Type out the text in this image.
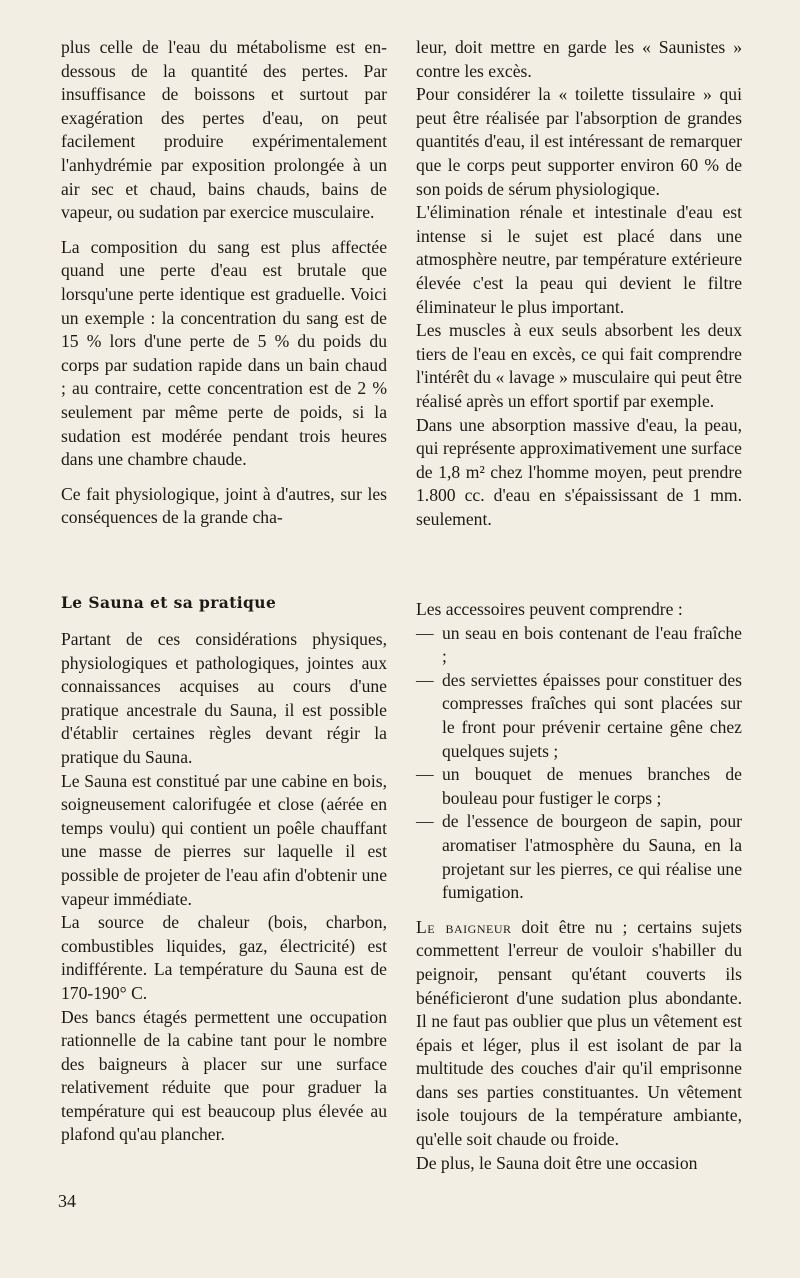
plus celle de l'eau du métabolisme est en-dessous de la quantité des pertes. Par insuffisance de boissons et surtout par exagération des pertes d'eau, on peut facilement produire expérimentalement l'anhydrémie par exposition prolongée à un air sec et chaud, bains chauds, bains de vapeur, ou sudation par exercice musculaire.

La composition du sang est plus affectée quand une perte d'eau est brutale que lorsqu'une perte identique est graduelle. Voici un exemple : la concentration du sang est de 15 % lors d'une perte de 5 % du poids du corps par sudation rapide dans un bain chaud ; au contraire, cette concentration est de 2 % seulement par même perte de poids, si la sudation est modérée pendant trois heures dans une chambre chaude.

Ce fait physiologique, joint à d'autres, sur les conséquences de la grande cha-

leur, doit mettre en garde les « Saunistes » contre les excès.

Pour considérer la « toilette tissulaire » qui peut être réalisée par l'absorption de grandes quantités d'eau, il est intéressant de remarquer que le corps peut supporter environ 60 % de son poids de sérum physiologique.

L'élimination rénale et intestinale d'eau est intense si le sujet est placé dans une atmosphère neutre, par température extérieure élevée c'est la peau qui devient le filtre éliminateur le plus important.

Les muscles à eux seuls absorbent les deux tiers de l'eau en excès, ce qui fait comprendre l'intérêt du « lavage » musculaire qui peut être réalisé après un effort sportif par exemple.

Dans une absorption massive d'eau, la peau, qui représente approximativement une surface de 1,8 m² chez l'homme moyen, peut prendre 1.800 cc. d'eau en s'épaississant de 1 mm. seulement.

Le Sauna et sa pratique

Partant de ces considérations physiques, physiologiques et pathologiques, jointes aux connaissances acquises au cours d'une pratique ancestrale du Sauna, il est possible d'établir certaines règles devant régir la pratique du Sauna.

Le Sauna est constitué par une cabine en bois, soigneusement calorifugée et close (aérée en temps voulu) qui contient un poêle chauffant une masse de pierres sur laquelle il est possible de projeter de l'eau afin d'obtenir une vapeur immédiate.

La source de chaleur (bois, charbon, combustibles liquides, gaz, électricité) est indifférente. La température du Sauna est de 170-190° C.

Des bancs étagés permettent une occupation rationnelle de la cabine tant pour le nombre des baigneurs à placer sur une surface relativement réduite que pour graduer la température qui est beaucoup plus élevée au plafond qu'au plancher.

Les accessoires peuvent comprendre :

— un seau en bois contenant de l'eau fraîche ;

— des serviettes épaisses pour constituer des compresses fraîches qui sont placées sur le front pour prévenir certaine gêne chez quelques sujets ;

— un bouquet de menues branches de bouleau pour fustiger le corps ;

— de l'essence de bourgeon de sapin, pour aromatiser l'atmosphère du Sauna, en la projetant sur les pierres, ce qui réalise une fumigation.

Le baigneur doit être nu ; certains sujets commettent l'erreur de vouloir s'habiller du peignoir, pensant qu'étant couverts ils bénéficieront d'une sudation plus abondante. Il ne faut pas oublier que plus un vêtement est épais et léger, plus il est isolant de par la multitude des couches d'air qu'il emprisonne dans ses parties constituantes. Un vêtement isole toujours de la température ambiante, qu'elle soit chaude ou froide.

De plus, le Sauna doit être une occasion

34
